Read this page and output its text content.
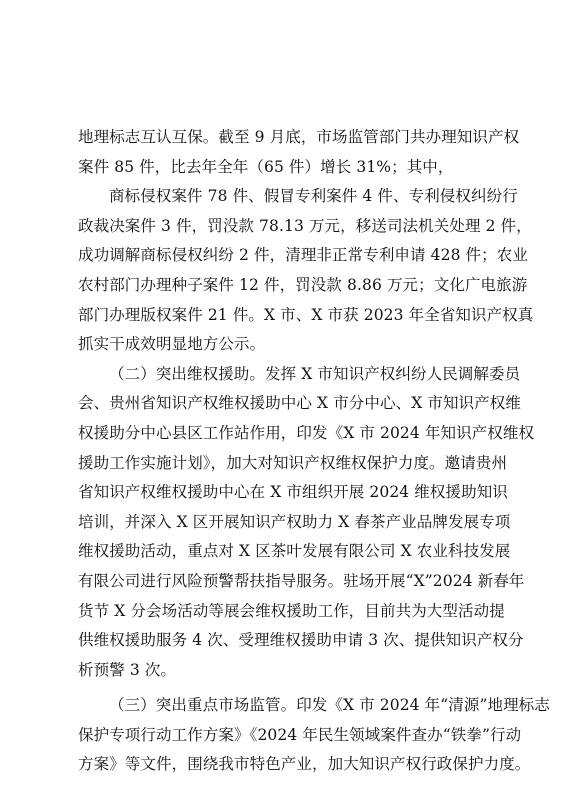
地理标志互认互保。截至 9 月底，市场监管部门共办理知识产权
案件 85 件，比去年全年（65 件）增长 31%；其中，
商标侵权案件 78 件、假冒专利案件 4 件、专利侵权纠纷行
政裁决案件 3 件，罚没款 78.13 万元，移送司法机关处理 2 件，
成功调解商标侵权纠纷 2 件，清理非正常专利申请 428 件；农业
农村部门办理种子案件 12 件，罚没款 8.86 万元；文化广电旅游
部门办理版权案件 21 件。X 市、X 市获 2023 年全省知识产权真
抓实干成效明显地方公示。
（二）突出维权援助。发挥 X 市知识产权纠纷人民调解委员
会、贵州省知识产权维权援助中心 X 市分中心、X 市知识产权维
权援助分中心县区工作站作用，印发《X 市 2024 年知识产权维权
援助工作实施计划》，加大对知识产权维权保护力度。邀请贵州
省知识产权维权援助中心在 X 市组织开展 2024 维权援助知识
培训，并深入 X 区开展知识产权助力 X 春茶产业品牌发展专项
维权援助活动，重点对 X 区茶叶发展有限公司 X 农业科技发展
有限公司进行风险预警帮扶指导服务。驻场开展“X”2024 新春年
货节 X 分会场活动等展会维权援助工作，目前共为大型活动提
供维权援助服务 4 次、受理维权援助申请 3 次、提供知识产权分
析预警 3 次。
（三）突出重点市场监管。印发《X 市 2024 年“清源”地理标志
保护专项行动工作方案》《2024 年民生领域案件查办“铁拳”行动
方案》等文件，围绕我市特色产业，加大知识产权行政保护力度。
